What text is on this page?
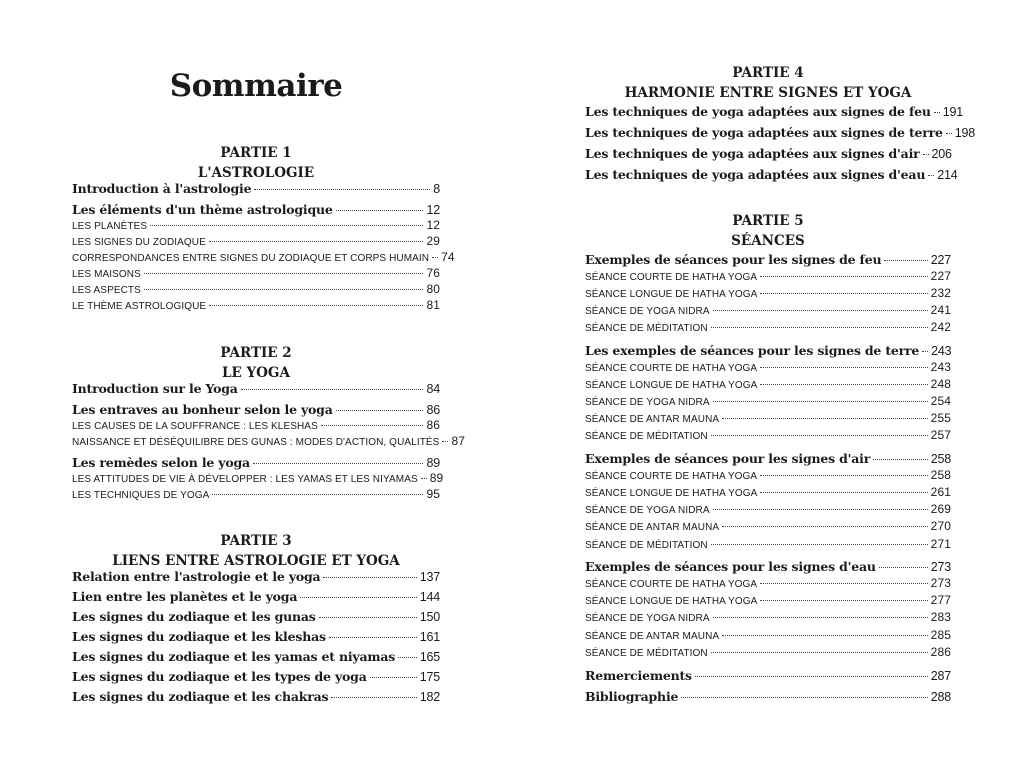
Sommaire
PARTIE 1
L'ASTROLOGIE
Introduction à l'astrologie	8
Les éléments d'un thème astrologique	12
LES PLANÈTES	12
LES SIGNES DU ZODIAQUE	29
CORRESPONDANCES ENTRE SIGNES DU ZODIAQUE ET CORPS HUMAIN 74
LES MAISONS	76
LES ASPECTS	80
LE THÈME ASTROLOGIQUE	81
PARTIE 2
LE YOGA
Introduction sur le Yoga	84
Les entraves au bonheur selon le yoga	86
LES CAUSES DE LA SOUFFRANCE : LES KLESHAS	86
NAISSANCE ET DÉSÉQUILIBRE DES GUNAS : MODES D'ACTION, QUALITÉS 87
Les remèdes selon le yoga	89
LES ATTITUDES DE VIE À DÉVELOPPER : LES YAMAS ET LES NIYAMAS 89
LES TECHNIQUES DE YOGA	95
PARTIE 3
LIENS ENTRE ASTROLOGIE ET YOGA
Relation entre l'astrologie et le yoga	137
Lien entre les planètes et le yoga	144
Les signes du zodiaque et les gunas	150
Les signes du zodiaque et les kleshas	161
Les signes du zodiaque et les yamas et niyamas 165
Les signes du zodiaque et les types de yoga	175
Les signes du zodiaque et les chakras	182
PARTIE 4
HARMONIE ENTRE SIGNES ET YOGA
Les techniques de yoga adaptées aux signes de feu 191
Les techniques de yoga adaptées aux signes de terre 198
Les techniques de yoga adaptées aux signes d'air 206
Les techniques de yoga adaptées aux signes d'eau 214
PARTIE 5
SÉANCES
Exemples de séances pour les signes de feu	227
SÉANCE COURTE DE HATHA YOGA	227
SÉANCE LONGUE DE HATHA YOGA	232
SÉANCE DE YOGA NIDRA	241
SÉANCE DE MÉDITATION	242
Les exemples de séances pour les signes de terre 243
SÉANCE COURTE DE HATHA YOGA	243
SÉANCE LONGUE DE HATHA YOGA	248
SÉANCE DE YOGA NIDRA	254
SÉANCE DE ANTAR MAUNA	255
SÉANCE DE MÉDITATION	257
Exemples de séances pour les signes d'air	258
SÉANCE COURTE DE HATHA YOGA	258
SÉANCE LONGUE DE HATHA YOGA	261
SÉANCE DE YOGA NIDRA	269
SÉANCE DE ANTAR MAUNA	270
SÉANCE DE MÉDITATION	271
Exemples de séances pour les signes d'eau	273
SÉANCE COURTE DE HATHA YOGA	273
SÉANCE LONGUE DE HATHA YOGA	277
SÉANCE DE YOGA NIDRA	283
SÉANCE DE ANTAR MAUNA	285
SÉANCE DE MÉDITATION	286
Remerciements	287
Bibliographie	288
